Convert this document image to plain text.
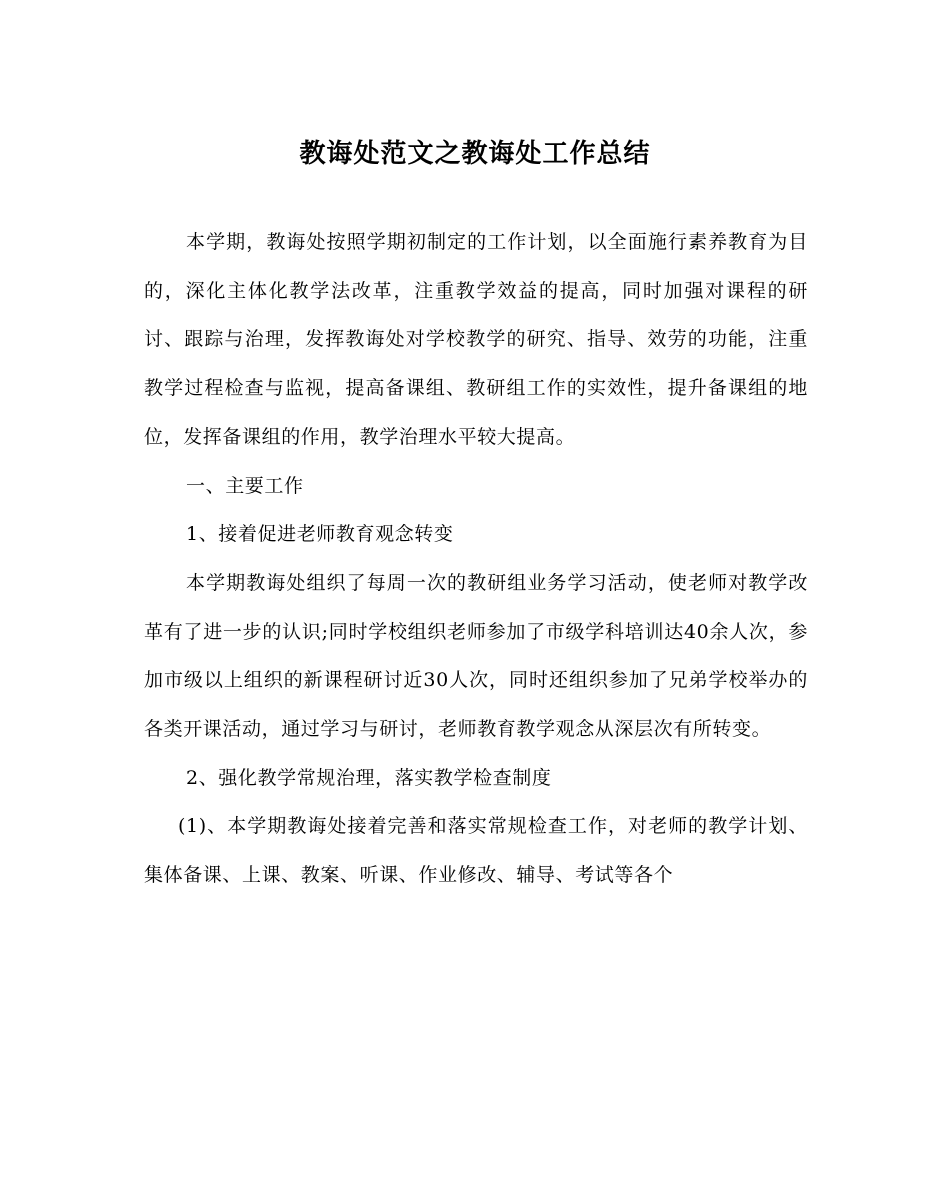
教诲处范文之教诲处工作总结

本学期，教诲处按照学期初制定的工作计划，以全面施行素养教育为目的，深化主体化教学法改革，注重教学效益的提高，同时加强对课程的研讨、跟踪与治理，发挥教诲处对学校教学的研究、指导、效劳的功能，注重教学过程检查与监视，提高备课组、教研组工作的实效性，提升备课组的地位，发挥备课组的作用，教学治理水平较大提高。

一、主要工作

1、接着促进老师教育观念转变

本学期教诲处组织了每周一次的教研组业务学习活动，使老师对教学改革有了进一步的认识;同时学校组织老师参加了市级学科培训达40余人次，参加市级以上组织的新课程研讨近30人次，同时还组织参加了兄弟学校举办的各类开课活动，通过学习与研讨，老师教育教学观念从深层次有所转变。

2、强化教学常规治理，落实教学检查制度

(1)、本学期教诲处接着完善和落实常规检查工作，对老师的教学计划、集体备课、上课、教案、听课、作业修改、辅导、考试等各个
